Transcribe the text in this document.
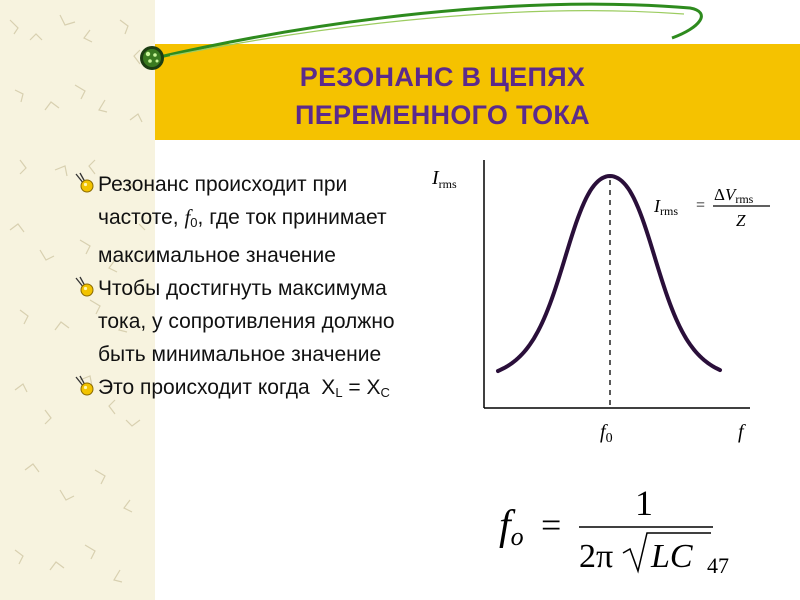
РЕЗОНАНС В ЦЕПЯХ
ПЕРЕМЕННОГО ТОКА

Резонанс происходит при
частоте, $f_0$, где ток принимает
максимальное значение

Чтобы достигнуть максимума
тока, у сопротивления должно
быть минимальное значение

Это происходит когда $X_L = X_C$

$I_{rms}$
f
$f_0$
Irms =
ΔVrms
Z
fo =
1
2π LC 47
